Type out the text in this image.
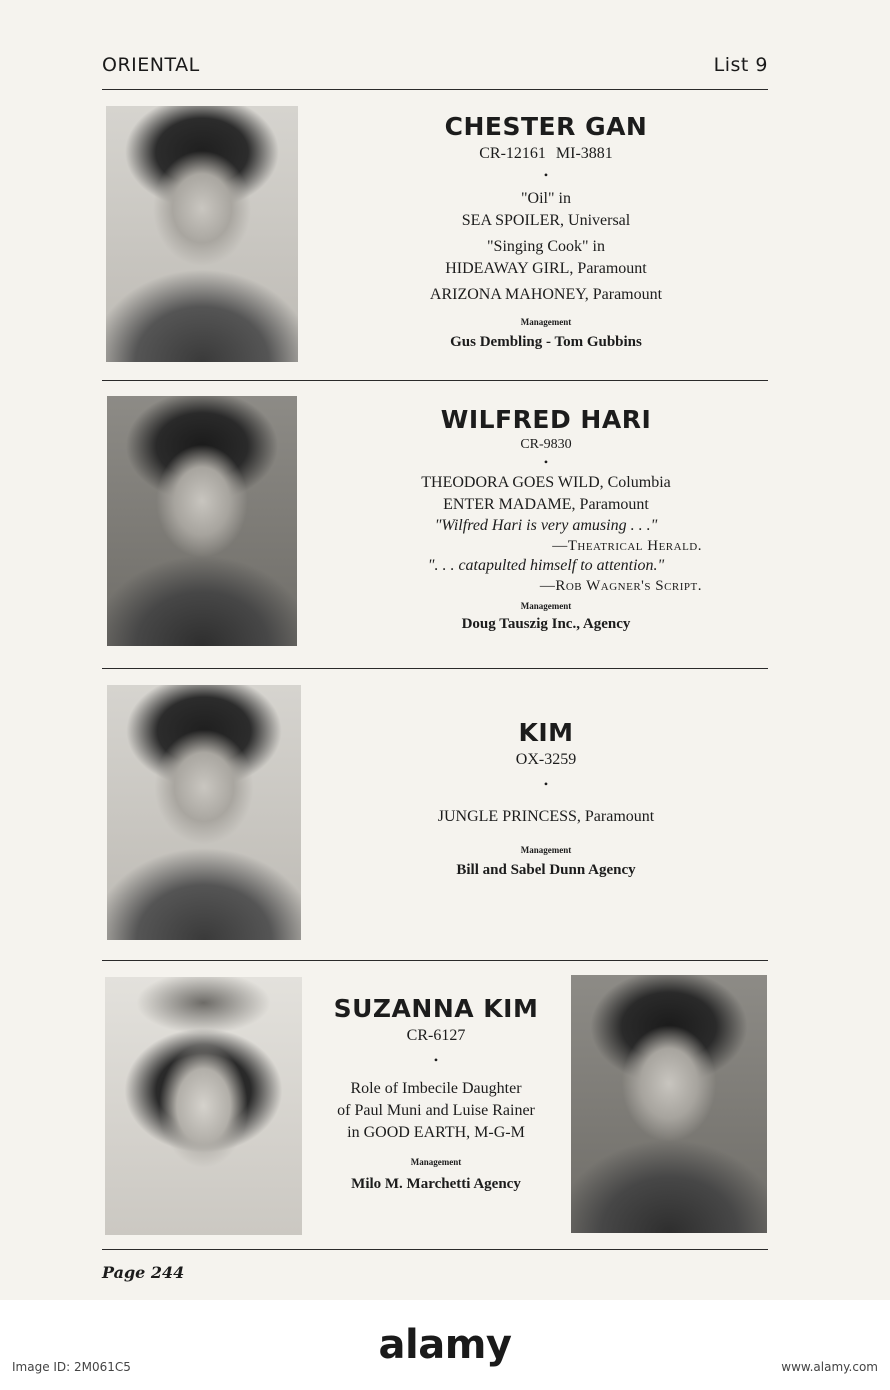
ORIENTAL	List 9
CHESTER GAN
CR-12161 MI-3881
•
"Oil" in
SEA SPOILER, Universal
"Singing Cook" in
HIDEAWAY GIRL, Paramount
ARIZONA MAHONEY, Paramount
Management
Gus Dembling - Tom Gubbins
WILFRED HARI
CR-9830
•
THEODORA GOES WILD, Columbia
ENTER MADAME, Paramount
"Wilfred Hari is very amusing . . ."
—Theatrical Herald.
". . . catapulted himself to attention."
—Rob Wagner's Script.
Management
Doug Tauszig Inc., Agency
KIM
OX-3259
•
JUNGLE PRINCESS, Paramount
Management
Bill and Sabel Dunn Agency
SUZANNA KIM
CR-6127
•
Role of Imbecile Daughter
of Paul Muni and Luise Rainer
in GOOD EARTH, M-G-M
Management
Milo M. Marchetti Agency
Page 244
alamy
Image ID: 2M061C5	www.alamy.com
